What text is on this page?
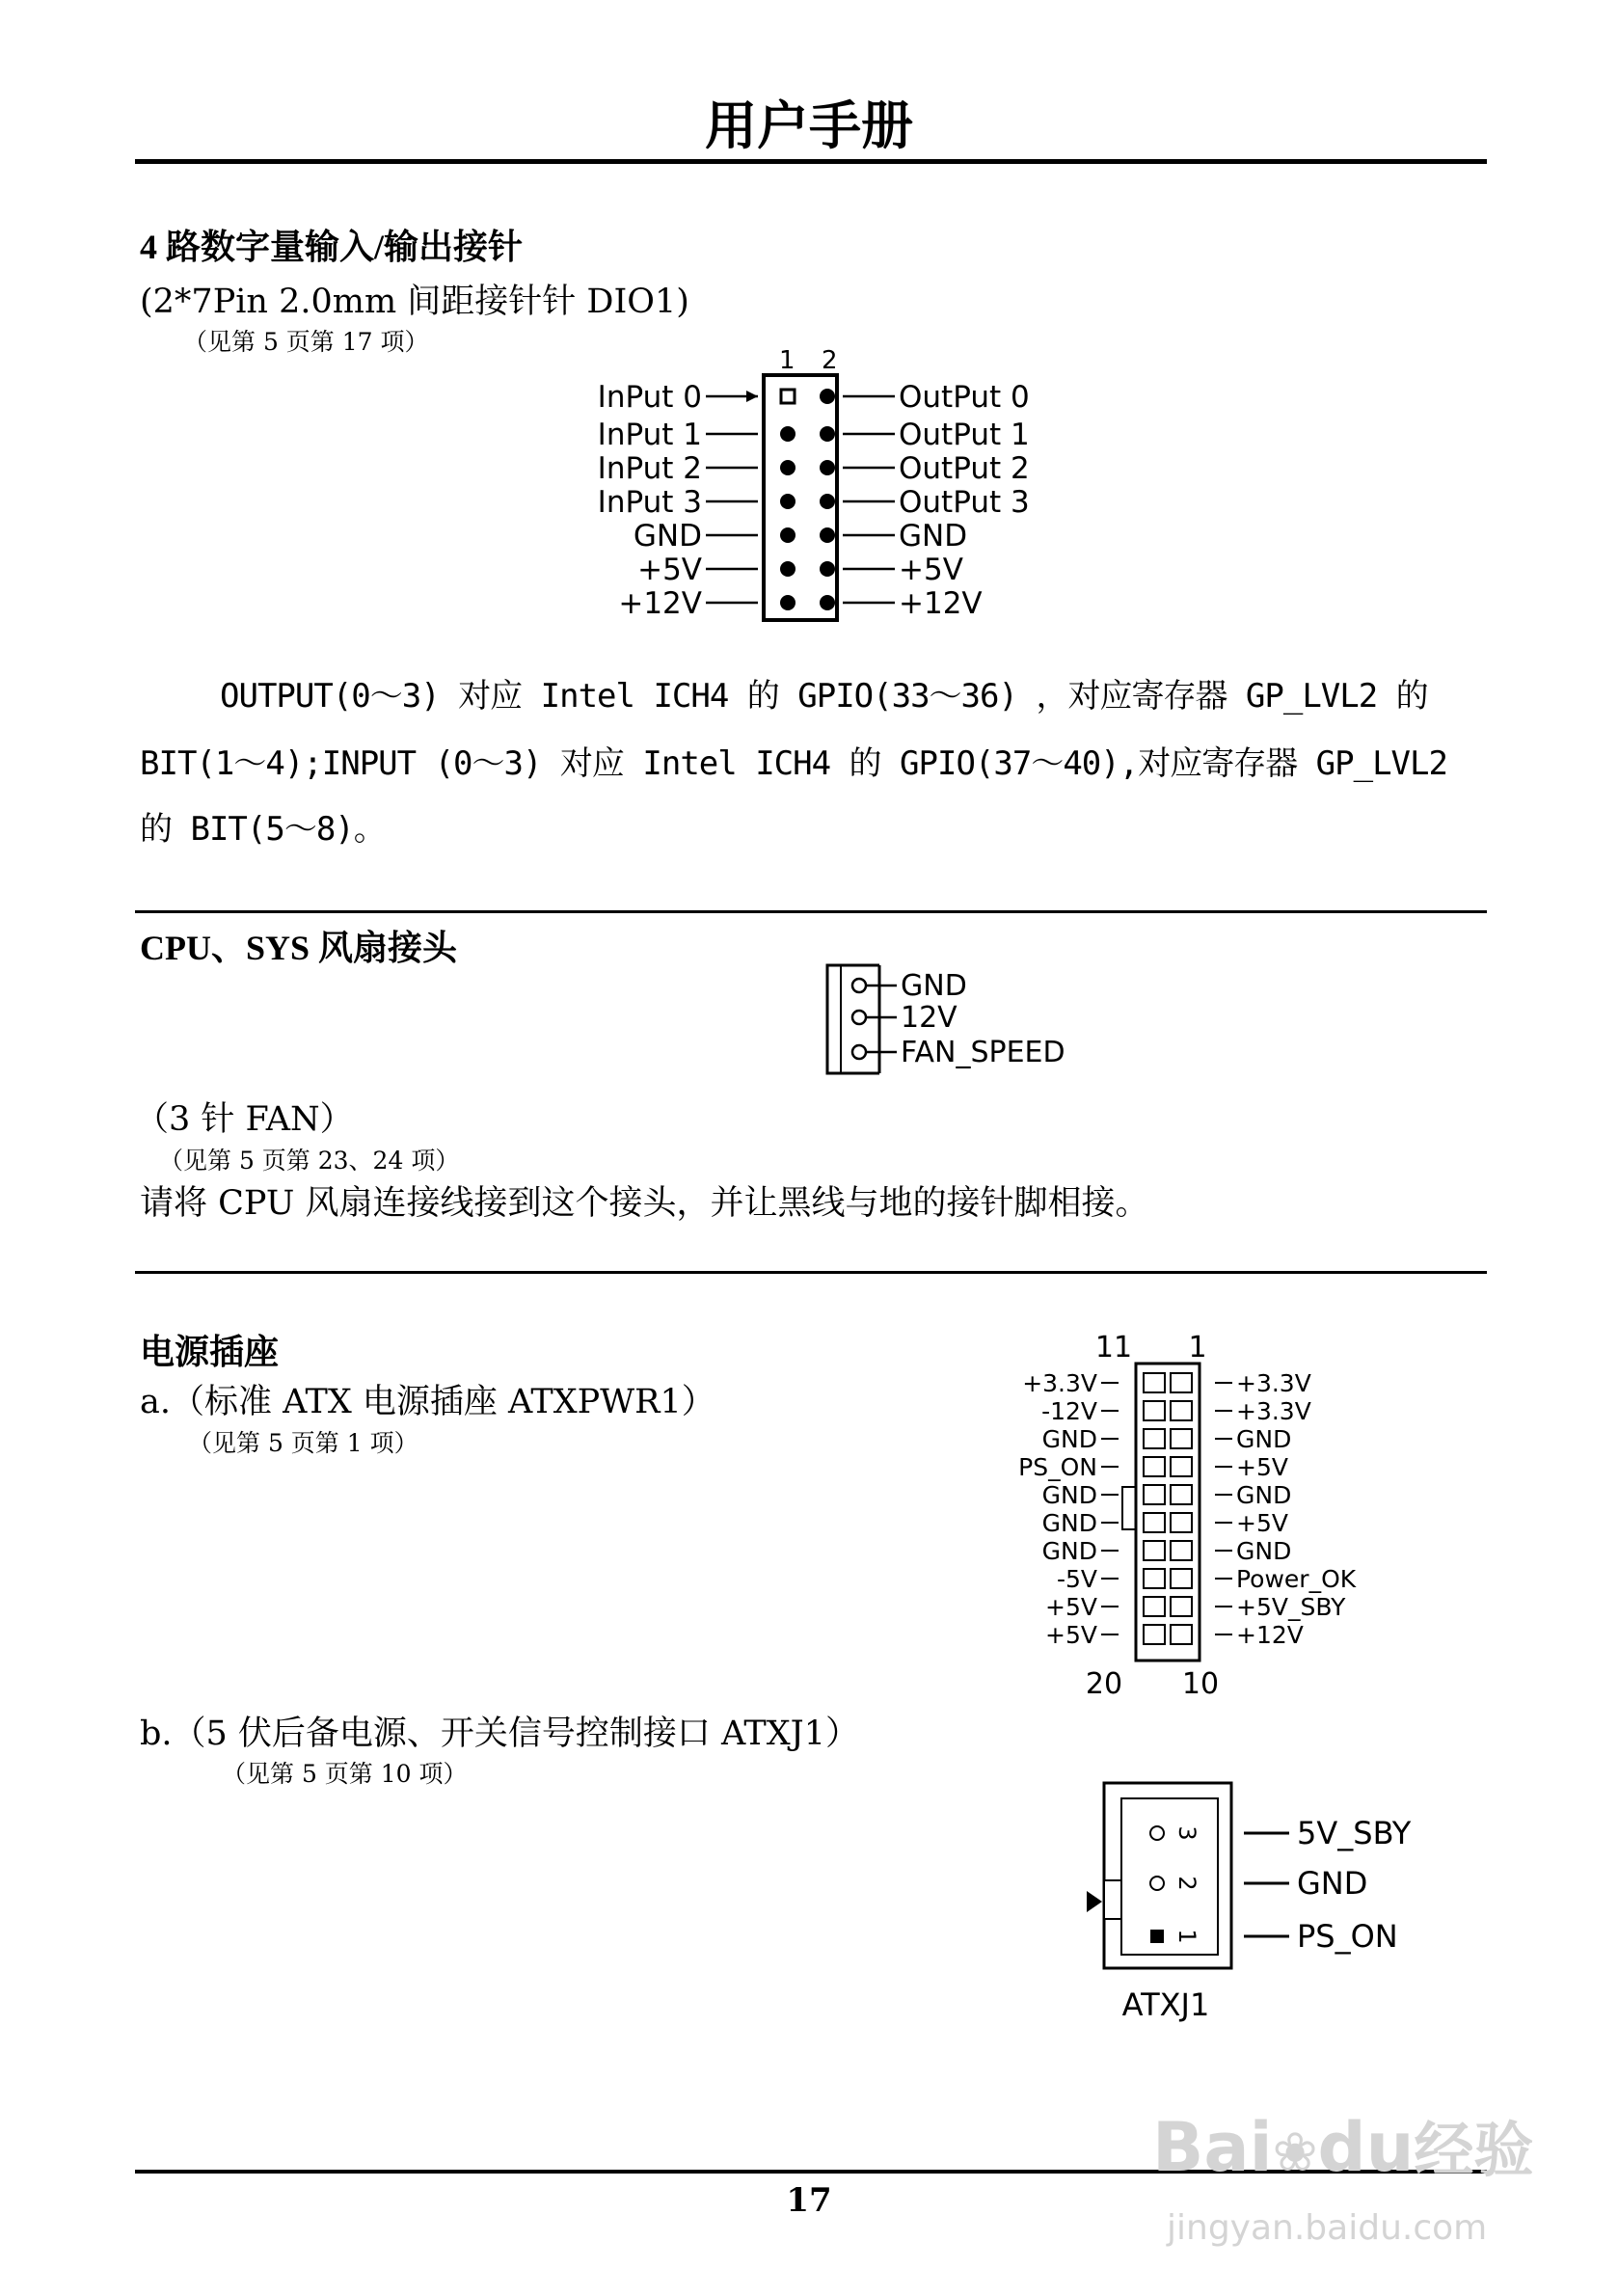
用户手册
4 路数字量输入/输出接针
(2*7Pin 2.0mm 间距接针针 DIO1)
（见第 5 页第 17 项）
1 2
InPut 0
InPut 1
InPut 2
InPut 3
GND
+5V
+12V
OutPut 0
OutPut 1
OutPut 2
OutPut 3
GND
+5V
+12V
OUTPUT(0～3) 对应 Intel ICH4 的 GPIO(33～36) ，对应寄存器 GP_LVL2 的
BIT(1～4);INPUT (0～3) 对应 Intel ICH4 的 GPIO(37～40),对应寄存器 GP_LVL2
的 BIT(5～8)。
CPU、SYS 风扇接头
GND
12V
FAN_SPEED
（3 针 FAN）
（见第 5 页第 23、24 项）
请将 CPU 风扇连接线接到这个接头，并让黑线与地的接针脚相接。
电源插座
a.（标准 ATX 电源插座 ATXPWR1）
（见第 5 页第 1 项）
11 1
20 10
+3.3V
-12V
GND
PS_ON
GND
GND
GND
-5V
+5V
+5V
+3.3V
+3.3V
GND
+5V
GND
+5V
GND
Power_OK
+5V_SBY
+12V
b.（5 伏后备电源、开关信号控制接口 ATXJ1）
（见第 5 页第 10 项）
3
2
1
5V_SBY
GND
PS_ON
ATXJ1
17
Bai❀du经验
jingyan.baidu.com
